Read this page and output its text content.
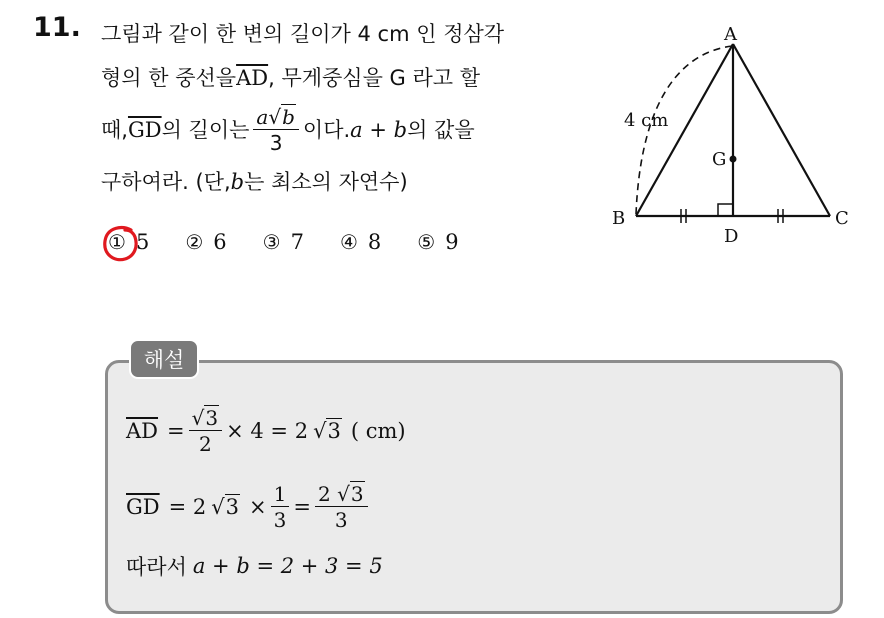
11. 그림과 같이 한 변의 길이가 4 cm 인 정삼각
형의 한 중선을 $\overline{AD}$ , 무게중심을 G 라고 할
때, $\overline{GD}$ 의 길이는 $\frac{a√b}{3}$ 이다. a + b 의 값을
구하여라. (단, b 는 최소의 자연수)
① 5 ② 6 ③ 7 ④ 8 ⑤ 9
A
B	C
D
G
4 cm
해설
$\overline{AD} = \frac{√3}{2} \times 4 = 2$ √3 ( cm)
$\overline{GD} = 2$ $√3 \times \frac{1}{3} = \frac{2 √3}{3}$
따라서 a + b = 2 + 3 = 5
